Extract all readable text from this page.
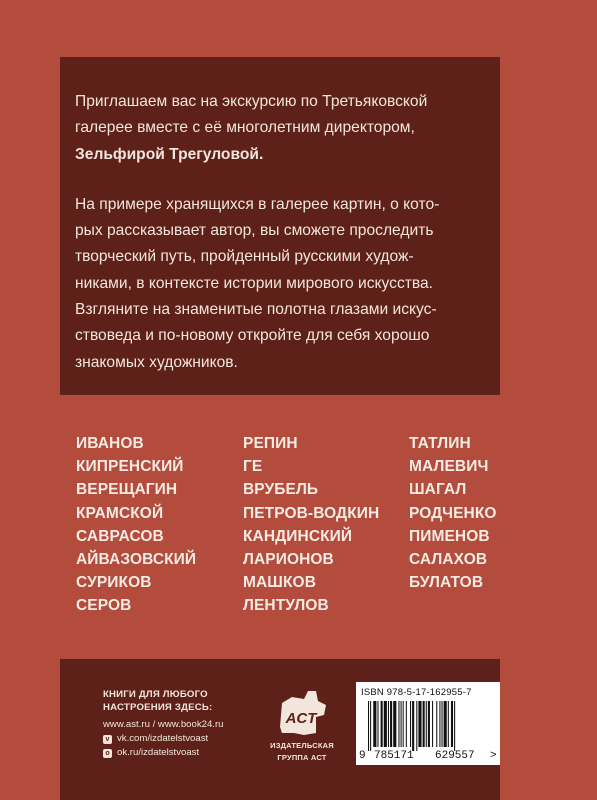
Приглашаем вас на экскурсию по Третьяковской
галерее вместе с её многолетним директором,
Зельфирой Трегуловой.

На примере хранящихся в галерее картин, о кото-
рых рассказывает автор, вы сможете проследить
творческий путь, пройденный русскими худож-
никами, в контексте истории мирового искусства.
Взгляните на знаменитые полотна глазами искус-
ствоведа и по-новому откройте для себя хорошо
знакомых художников.

ИВАНОВ
КИПРЕНСКИЙ
ВЕРЕЩАГИН
КРАМСКОЙ
САВРАСОВ
АЙВАЗОВСКИЙ
СУРИКОВ
СЕРОВ
РЕПИН
ГЕ
ВРУБЕЛЬ
ПЕТРОВ-ВОДКИН
КАНДИНСКИЙ
ЛАРИОНОВ
МАШКОВ
ЛЕНТУЛОВ
ТАТЛИН
МАЛЕВИЧ
ШАГАЛ
РОДЧЕНКО
ПИМЕНОВ
САЛАХОВ
БУЛАТОВ
КНИГИ ДЛЯ ЛЮБОГО
НАСТРОЕНИЯ ЗДЕСЬ:
www.ast.ru / www.book24.ru
v vk.com/izdatelstvoast
o ok.ru/izdatelstvoast
ACT
ИЗДАТЕЛЬСКАЯ
ГРУППА АСТ
ISBN 978-5-17-162955-7
9 785171 629557 >
